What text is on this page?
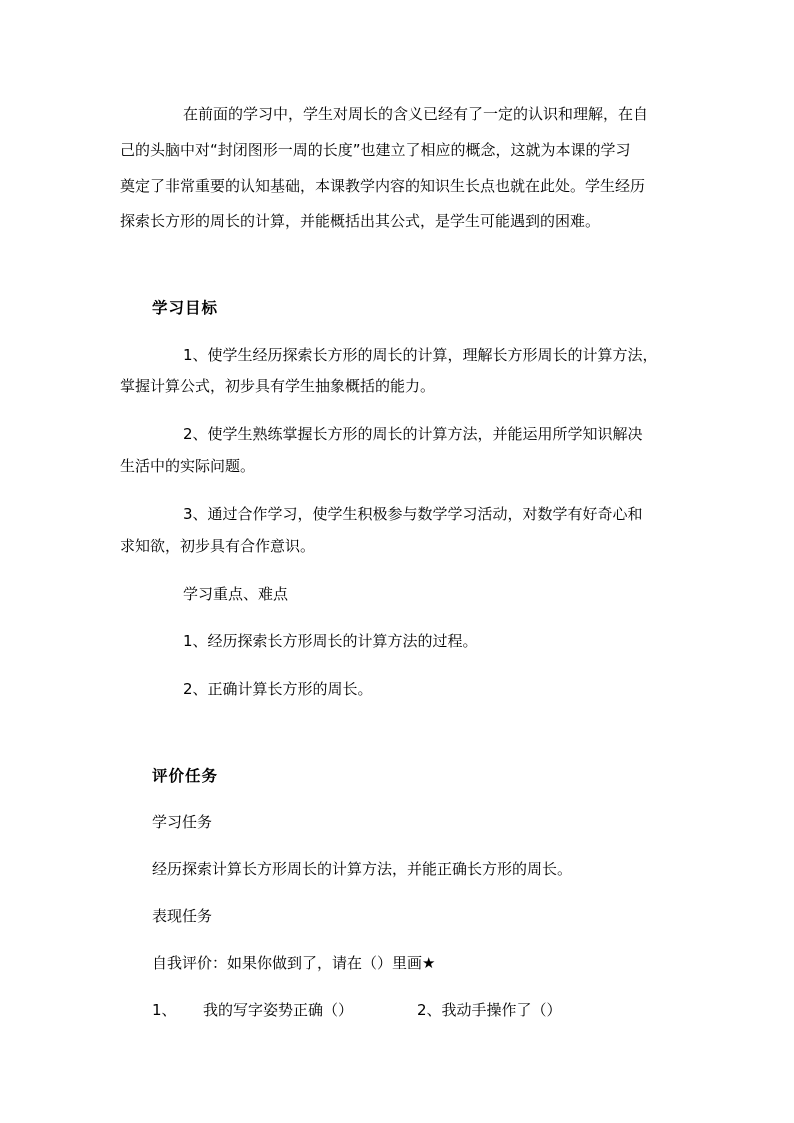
在前面的学习中，学生对周长的含义已经有了一定的认识和理解，在自
己的头脑中对“封闭图形一周的长度”也建立了相应的概念，这就为本课的学习
奠定了非常重要的认知基础，本课教学内容的知识生长点也就在此处。学生经历
探索长方形的周长的计算，并能概括出其公式，是学生可能遇到的困难。
学习目标
1、使学生经历探索长方形的周长的计算，理解长方形周长的计算方法，
掌握计算公式，初步具有学生抽象概括的能力。
2、使学生熟练掌握长方形的周长的计算方法，并能运用所学知识解决
生活中的实际问题。
3、通过合作学习，使学生积极参与数学学习活动，对数学有好奇心和
求知欲，初步具有合作意识。
学习重点、难点
1、经历探索长方形周长的计算方法的过程。
2、正确计算长方形的周长。
评价任务
学习任务
经历探索计算长方形周长的计算方法，并能正确长方形的周长。
表现任务
自我评价：如果你做到了，请在（）里画★
1、 我的写字姿势正确（）	2、我动手操作了（）
